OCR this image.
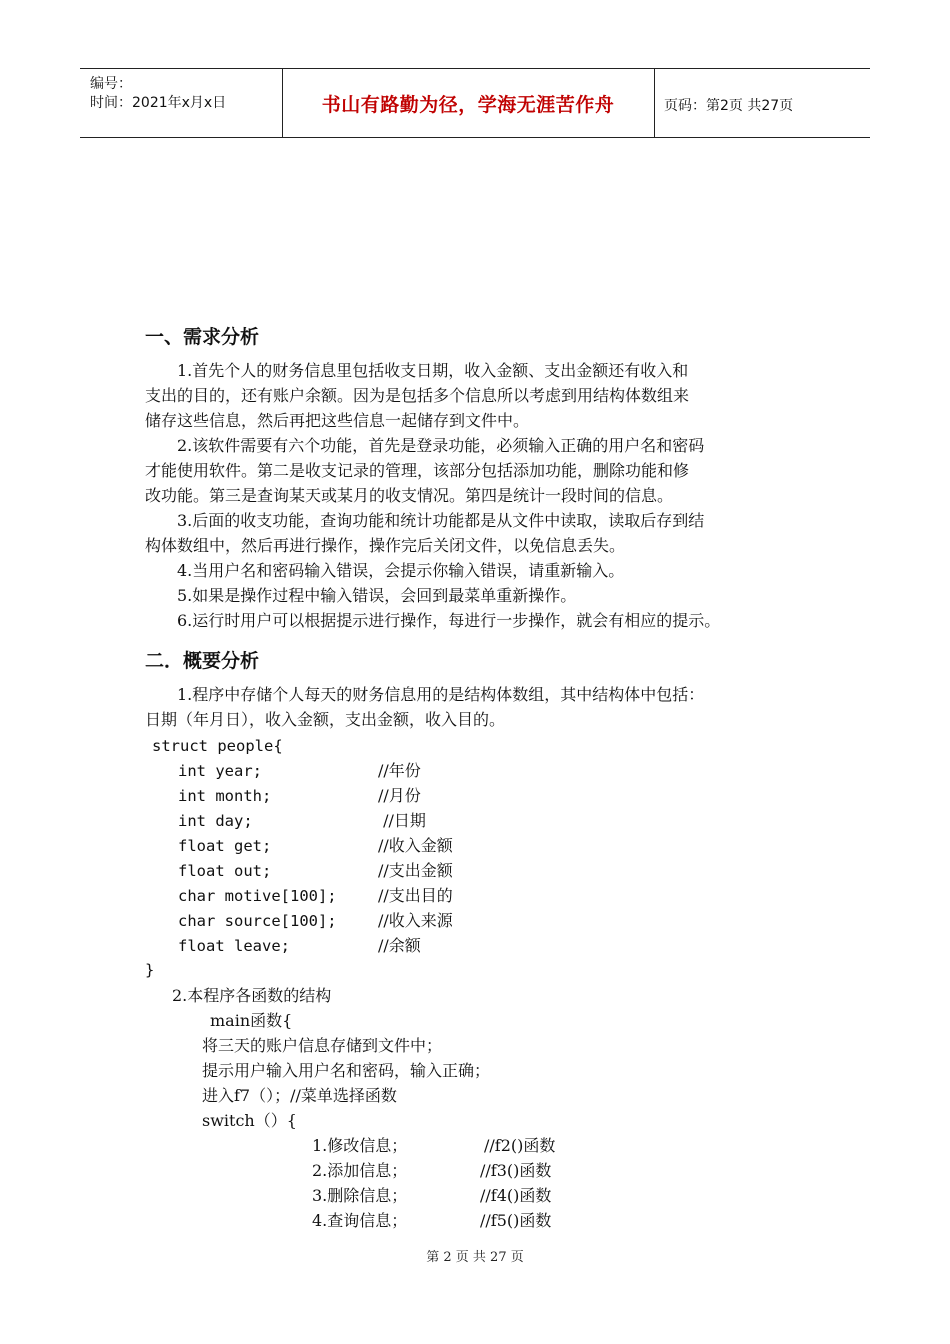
编号：
时间：2021年x月x日	书山有路勤为径，学海无涯苦作舟	页码：第2页 共27页
一、需求分析
1.首先个人的财务信息里包括收支日期，收入金额、支出金额还有收入和
支出的目的，还有账户余额。因为是包括多个信息所以考虑到用结构体数组来
储存这些信息，然后再把这些信息一起储存到文件中。
2.该软件需要有六个功能，首先是登录功能，必须输入正确的用户名和密码
才能使用软件。第二是收支记录的管理，该部分包括添加功能，删除功能和修
改功能。第三是查询某天或某月的收支情况。第四是统计一段时间的信息。
3.后面的收支功能，查询功能和统计功能都是从文件中读取，读取后存到结
构体数组中，然后再进行操作，操作完后关闭文件，以免信息丢失。
4.当用户名和密码输入错误，会提示你输入错误，请重新输入。
5.如果是操作过程中输入错误，会回到最菜单重新操作。
6.运行时用户可以根据提示进行操作，每进行一步操作，就会有相应的提示。
二．概要分析
1.程序中存储个人每天的财务信息用的是结构体数组，其中结构体中包括：
日期（年月日），收入金额，支出金额，收入目的。
struct people{
int year;	//年份
int month;	//月份
int day;	//日期
float get;	//收入金额
float out;	//支出金额
char motive[100];	//支出目的
char source[100];	//收入来源
float leave;	//余额
}
2.本程序各函数的结构
main函数{
将三天的账户信息存储到文件中；
提示用户输入用户名和密码，输入正确；
进入f7（）；//菜单选择函数
switch（）{
1.修改信息；	//f2()函数
2.添加信息；	//f3()函数
3.删除信息；	//f4()函数
4.查询信息；	//f5()函数
第 2 页 共 27 页
